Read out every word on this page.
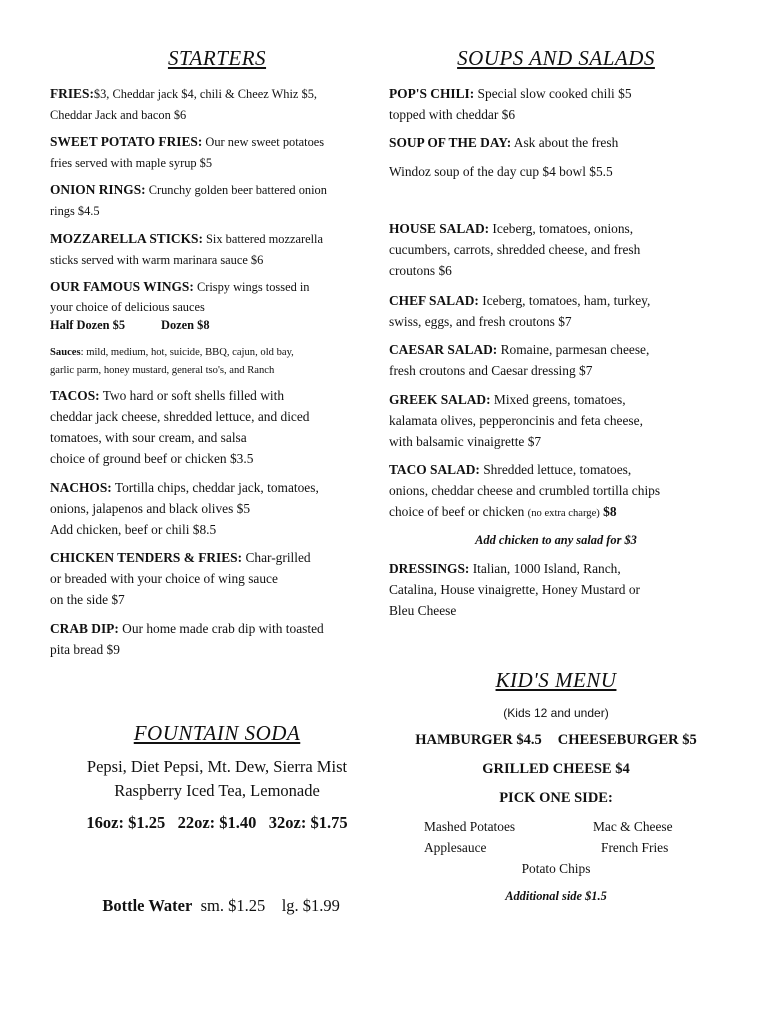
STARTERS
FRIES:$3, Cheddar jack $4, chili & Cheez Whiz $5,
Cheddar Jack and bacon $6
SWEET POTATO FRIES: Our new sweet potatoes
fries served with maple syrup $5
ONION RINGS: Crunchy golden beer battered onion
rings $4.5
MOZZARELLA STICKS: Six battered mozzarella
sticks served with warm marinara sauce $6
OUR FAMOUS WINGS: Crispy wings tossed in
your choice of delicious sauces
Half Dozen $5	Dozen $8
Sauces: mild, medium, hot, suicide, BBQ, cajun, old bay,
garlic parm, honey mustard, general tso's, and Ranch
TACOS: Two hard or soft shells filled with
cheddar jack cheese, shredded lettuce, and diced
tomatoes, with sour cream, and salsa
choice of ground beef or chicken $3.5
NACHOS: Tortilla chips, cheddar jack, tomatoes,
onions, jalapenos and black olives $5
Add chicken, beef or chili $8.5
CHICKEN TENDERS & FRIES: Char-grilled
or breaded with your choice of wing sauce
on the side $7
CRAB DIP: Our home made crab dip with toasted
pita bread $9
SOUPS AND SALADS
POP'S CHILI: Special slow cooked chili $5
topped with cheddar $6
SOUP OF THE DAY: Ask about the fresh
Windoz soup of the day cup $4 bowl $5.5
HOUSE SALAD: Iceberg, tomatoes, onions,
cucumbers, carrots, shredded cheese, and fresh
croutons $6
CHEF SALAD: Iceberg, tomatoes, ham, turkey,
swiss, eggs, and fresh croutons $7
CAESAR SALAD: Romaine, parmesan cheese,
fresh croutons and Caesar dressing $7
GREEK SALAD: Mixed greens, tomatoes,
kalamata olives, pepperoncinis and feta cheese,
with balsamic vinaigrette $7
TACO SALAD: Shredded lettuce, tomatoes,
onions, cheddar cheese and crumbled tortilla chips
choice of beef or chicken (no extra charge) $8
Add chicken to any salad for $3
DRESSINGS: Italian, 1000 Island, Ranch,
Catalina, House vinaigrette, Honey Mustard or
Bleu Cheese
KID'S MENU
(Kids 12 and under)
HAMBURGER $4.5 CHEESEBURGER $5
GRILLED CHEESE $4
PICK ONE SIDE:
Mashed Potatoes	Mac & Cheese
Applesauce	French Fries
Potato Chips
Additional side $1.5
FOUNTAIN SODA
Pepsi, Diet Pepsi, Mt. Dew, Sierra Mist
Raspberry Iced Tea, Lemonade
16oz: $1.25   22oz: $1.40   32oz: $1.75

Bottle Water  sm. $1.25    lg. $1.99
